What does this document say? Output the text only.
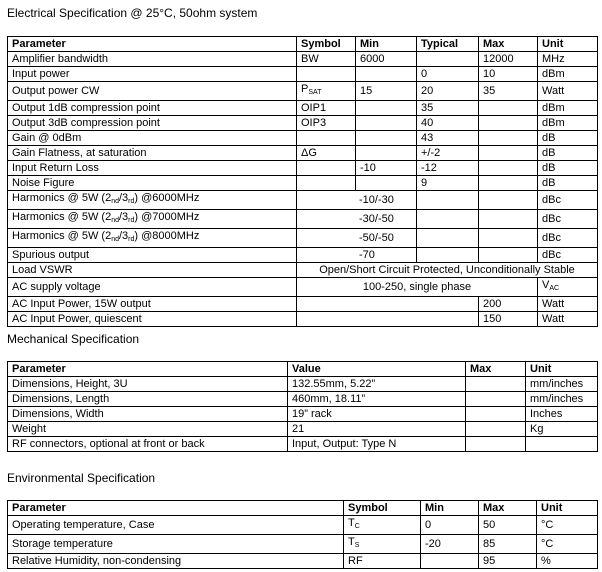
Electrical Specification @ 25°C, 50ohm system
Parameter	Symbol	Min	Typical	Max	Unit
Amplifier bandwidth	BW	6000		12000	MHz
Input power			0	10	dBm
Output power CW	PSAT	15	20	35	Watt
Output 1dB compression point	OIP1		35		dBm
Output 3dB compression point	OIP3		40		dBm
Gain @ 0dBm			43		dB
Gain Flatness, at saturation	ΔG		+/-2		dB
Input Return Loss		-10	-12		dB
Noise Figure			9		dB
Harmonics @ 5W (2nd/3rd) @6000MHz	-10/-30				dBc
Harmonics @ 5W (2nd/3rd) @7000MHz	-30/-50				dBc
Harmonics @ 5W (2nd/3rd) @8000MHz	-50/-50				dBc
Spurious output	-70				dBc
Load VSWR	Open/Short Circuit Protected, Unconditionally Stable				
AC supply voltage	100-250, single phase				VAC
AC Input Power, 15W output				200	Watt
AC Input Power, quiescent				150	Watt
Mechanical Specification
Parameter	Value	Max	Unit
Dimensions, Height, 3U	132.55mm, 5.22”		mm/inches
Dimensions, Length	460mm, 18.11”		mm/inches
Dimensions, Width	19” rack		Inches
Weight	21		Kg
RF connectors, optional at front or back	Input, Output: Type N		
Environmental Specification
Parameter	Symbol	Min	Max	Unit
Operating temperature, Case	TC	0	50	°C
Storage temperature	TS	-20	85	°C
Relative Humidity, non-condensing	RF		95	%
